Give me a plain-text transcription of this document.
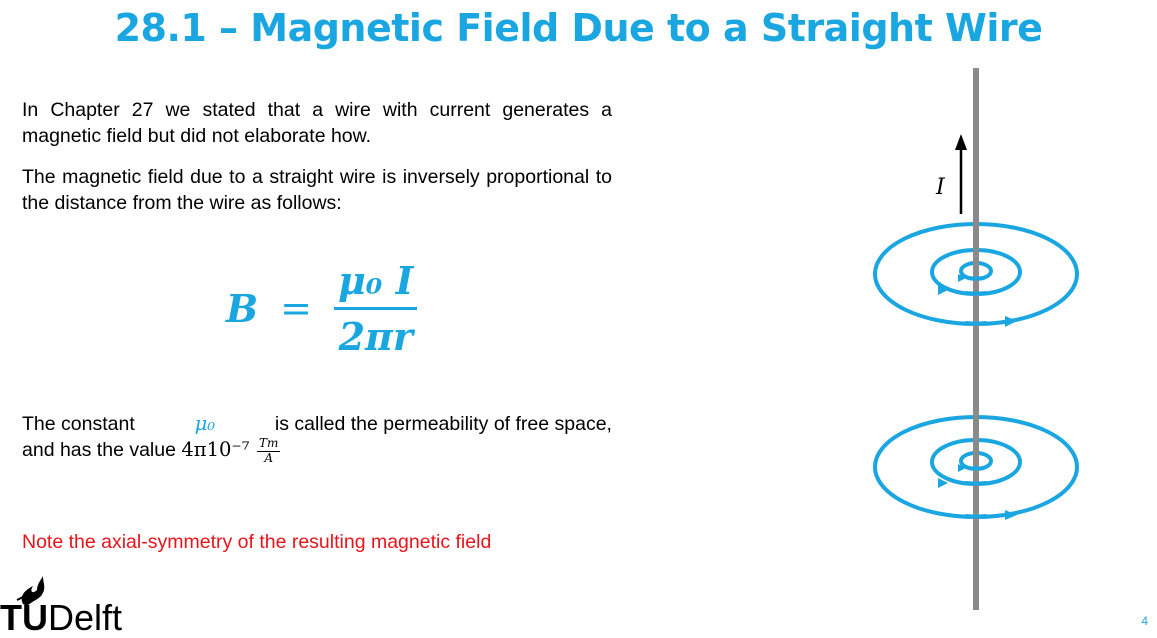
28.1 – Magnetic Field Due to a Straight Wire
In Chapter 27 we stated that a wire with current generates a magnetic field but did not elaborate how.
The magnetic field due to a straight wire is inversely proportional to the distance from the wire as follows:
$B = \frac{\text{μ₀ I}}{2\pi r}$
The constant	μ₀	is called the permeability of free space,
and has the value $4\pi 10^{-7} \frac{Tm}{A}$
Note the axial-symmetry of the resulting magnetic field
I
TUDelft	4
